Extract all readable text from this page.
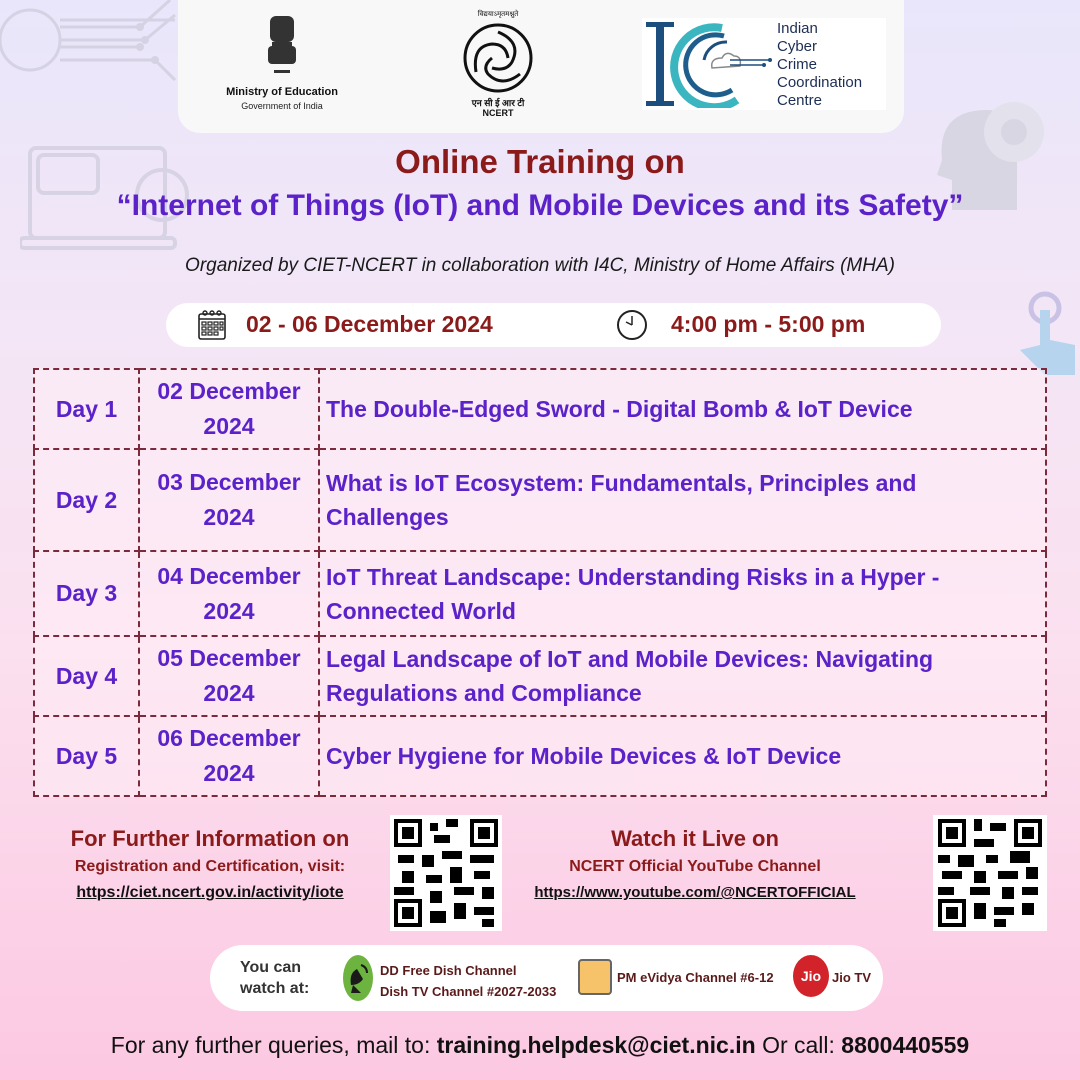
Ministry of Education
Government of India
विद्ययाऽमृतमश्नुते
एन सी ई आर टी
NCERT
Indian
Cyber
Crime
Coordination
Centre
Online Training on
“Internet of Things (IoT) and Mobile Devices and its Safety”
Organized by CIET-NCERT in collaboration with I4C, Ministry of Home Affairs (MHA)
02 - 06 December 2024	4:00 pm - 5:00 pm
Day 1	02 December 2024	The Double-Edged Sword - Digital Bomb & IoT Device
Day 2	03 December 2024	What is IoT Ecosystem: Fundamentals, Principles and Challenges
Day 3	04 December 2024	IoT Threat Landscape: Understanding Risks in a Hyper - Connected World
Day 4	05 December 2024	Legal Landscape of IoT and Mobile Devices: Navigating Regulations and Compliance
Day 5	06 December 2024	Cyber Hygiene for Mobile Devices & IoT Device
For Further Information on
Registration and Certification, visit:
https://ciet.ncert.gov.in/activity/iote
Watch it Live on
NCERT Official YouTube Channel
https://www.youtube.com/@NCERTOFFICIAL
You can
watch at:
DD Free Dish Channel
Dish TV Channel #2027-2033
PM eVidya Channel #6-12	Jio Jio TV
For any further queries, mail to: training.helpdesk@ciet.nic.in Or call: 8800440559
